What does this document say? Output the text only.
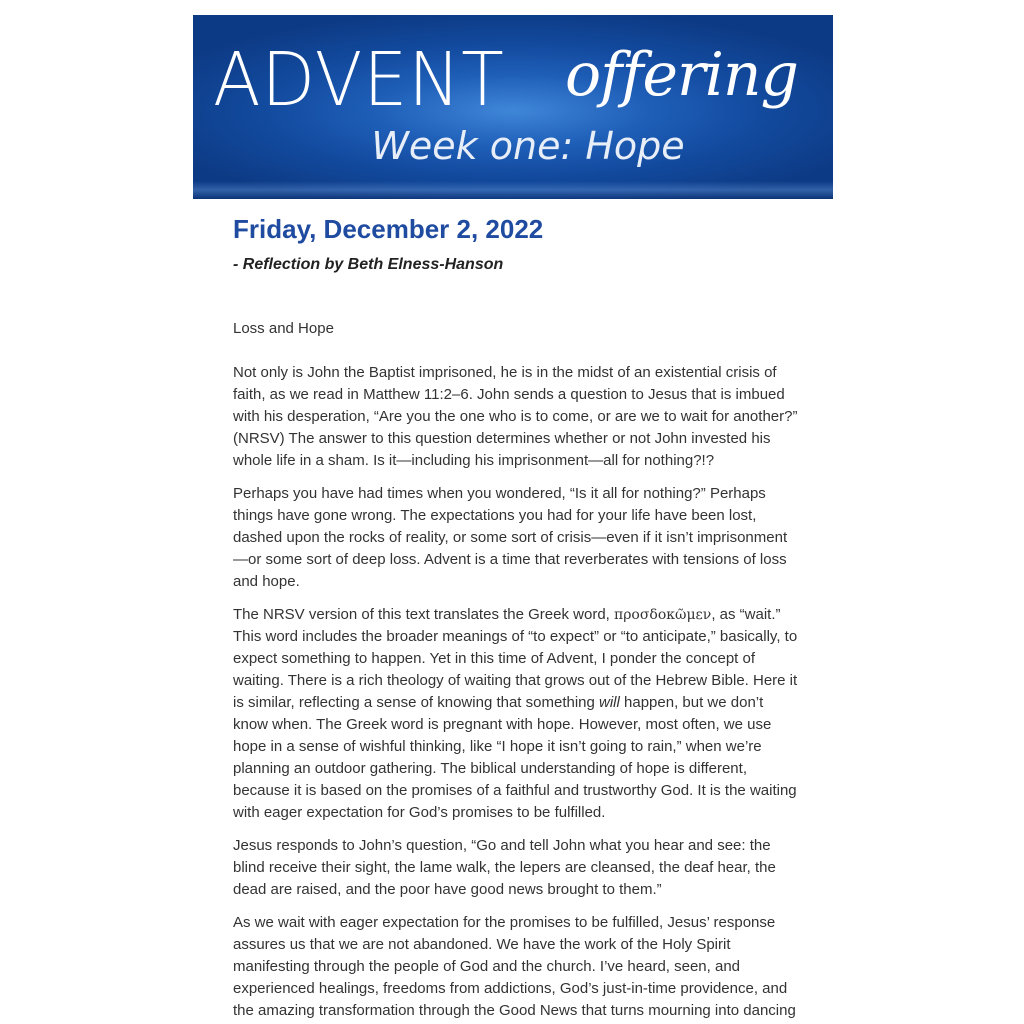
ADVENT offering
Week one: Hope
Friday, December 2, 2022
- Reflection by Beth Elness-Hanson

Loss and Hope

Not only is John the Baptist imprisoned, he is in the midst of an existential crisis of faith, as we read in Matthew 11:2–6. John sends a question to Jesus that is imbued with his desperation, “Are you the one who is to come, or are we to wait for another?” (NRSV) The answer to this question determines whether or not John invested his whole life in a sham. Is it—including his imprisonment—all for nothing?!?

Perhaps you have had times when you wondered, “Is it all for nothing?” Perhaps things have gone wrong. The expectations you had for your life have been lost, dashed upon the rocks of reality, or some sort of crisis—even if it isn’t imprisonment—or some sort of deep loss. Advent is a time that reverberates with tensions of loss and hope.

The NRSV version of this text translates the Greek word, προσδοκῶμεν, as “wait.” This word includes the broader meanings of “to expect” or “to anticipate,” basically, to expect something to happen. Yet in this time of Advent, I ponder the concept of waiting. There is a rich theology of waiting that grows out of the Hebrew Bible. Here it is similar, reflecting a sense of knowing that something will happen, but we don’t know when. The Greek word is pregnant with hope. However, most often, we use hope in a sense of wishful thinking, like “I hope it isn’t going to rain,” when we’re planning an outdoor gathering. The biblical understanding of hope is different, because it is based on the promises of a faithful and trustworthy God. It is the waiting with eager expectation for God’s promises to be fulfilled.

Jesus responds to John’s question, “Go and tell John what you hear and see: the blind receive their sight, the lame walk, the lepers are cleansed, the deaf hear, the dead are raised, and the poor have good news brought to them.”

As we wait with eager expectation for the promises to be fulfilled, Jesus’ response assures us that we are not abandoned. We have the work of the Holy Spirit manifesting through the people of God and the church. I’ve heard, seen, and experienced healings, freedoms from addictions, God’s just-in-time providence, and the amazing transformation through the Good News that turns mourning into dancing
